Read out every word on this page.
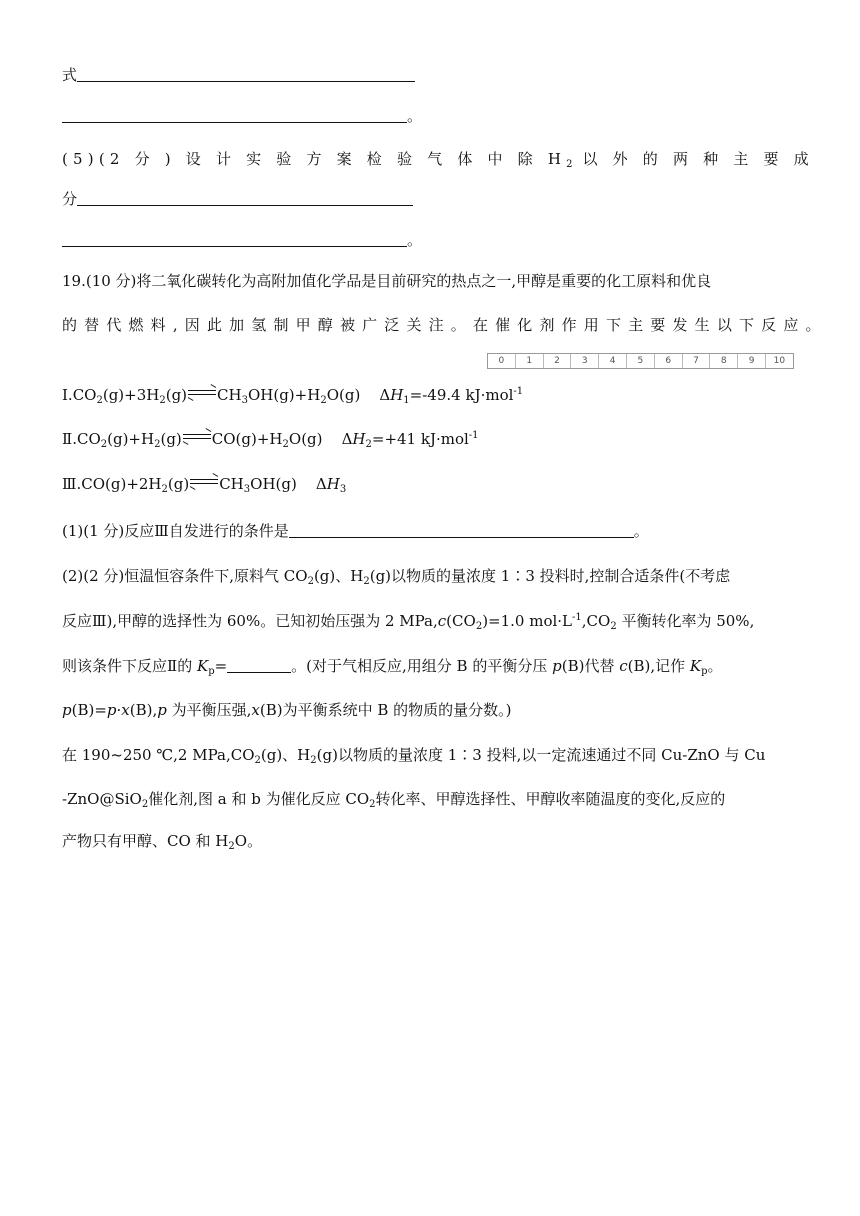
式
。
(5)(2 分 ) 设 计 实 验 方 案 检 验 气 体 中 除 $H_2$ 以 外 的 两 种 主 要 成
分
。
19.(10 分)将二氧化碳转化为高附加值化学品是目前研究的热点之一,甲醇是重要的化工原料和优良
的 替 代 燃 料 , 因 此 加 氢 制 甲 醇 被 广 泛 关 注 。 在 催 化 剂 作 用 下 主 要 发 生 以 下 反 应 。
0	1	2	3	4	5	6	7	8	9	10
$Ⅰ.CO_2(g)+3H_2(g)$ $CH_3OH(g)+H_2O(g)$    $\Delta H_1=-49.4$ kJ·mol$^{-1}$
$Ⅱ.CO_2(g)+H_2(g)$ $CO(g)+H_2O(g)$    $\Delta H_2=+41$ kJ·mol$^{-1}$
$Ⅲ.CO(g)+2H_2(g)$ $CH_3OH(g)$    $\Delta H_3$
(1)(1 分)反应Ⅲ自发进行的条件是	。
(2)(2 分)恒温恒容条件下,原料气 $CO_2(g)$、$H_2(g)$以物质的量浓度 1∶3 投料时,控制合适条件(不考虑
反应Ⅲ),甲醇的选择性为 60%。已知初始压强为 2 $MPa,c(CO_2)=1.0$ $mol\cdot L^{-1},CO_2$ 平衡转化率为 50%,
则该条件下反应Ⅱ的 $K_p=$	。(对于气相反应,用组分 B 的平衡分压 p(B)代替 c(B),记作 $K_p$。
p(B)=p·x(B),p 为平衡压强,x(B)为平衡系统中 B 的物质的量分数。)
在 190~250 ℃,2 $MPa,CO_2(g)$、$H_2(g)$以物质的量浓度 1∶3 投料,以一定流速通过不同 Cu-ZnO 与 Cu
-ZnO@SiO$_2$催化剂,图 a 和 b 为催化反应 $CO_2$转化率、甲醇选择性、甲醇收率随温度的变化,反应的
产物只有甲醇、CO 和 $H_2O$。
